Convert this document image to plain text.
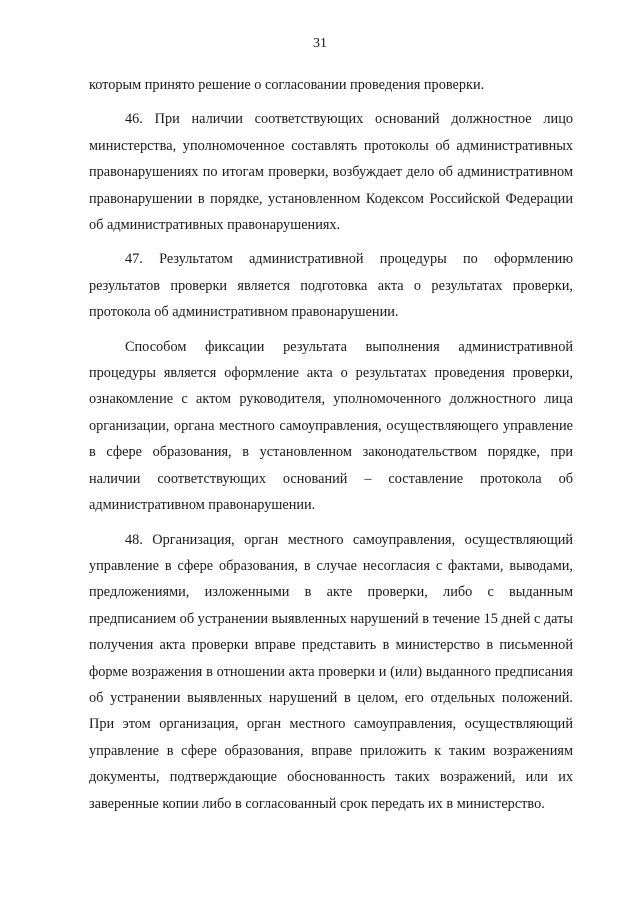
31

которым принято решение о согласовании проведения проверки.

46. При наличии соответствующих оснований должностное лицо министерства, уполномоченное составлять протоколы об административных правонарушениях по итогам проверки, возбуждает дело об административном правонарушении в порядке, установленном Кодексом Российской Федерации об административных правонарушениях.

47. Результатом административной процедуры по оформлению результатов проверки является подготовка акта о результатах проверки, протокола об административном правонарушении.

Способом фиксации результата выполнения административной процедуры является оформление акта о результатах проведения проверки, ознакомление с актом руководителя, уполномоченного должностного лица организации, органа местного самоуправления, осуществляющего управление в сфере образования, в установленном законодательством порядке, при наличии соответствующих оснований – составление протокола об административном правонарушении.

48. Организация, орган местного самоуправления, осуществляющий управление в сфере образования, в случае несогласия с фактами, выводами, предложениями, изложенными в акте проверки, либо с выданным предписанием об устранении выявленных нарушений в течение 15 дней с даты получения акта проверки вправе представить в министерство в письменной форме возражения в отношении акта проверки и (или) выданного предписания об устранении выявленных нарушений в целом, его отдельных положений. При этом организация, орган местного самоуправления, осуществляющий управление в сфере образования, вправе приложить к таким возражениям документы, подтверждающие обоснованность таких возражений, или их заверенные копии либо в согласованный срок передать их в министерство.
